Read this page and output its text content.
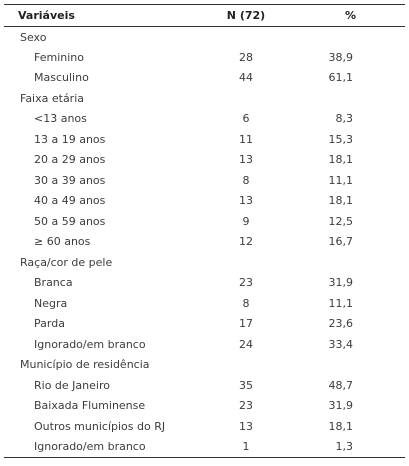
Variáveis	N (72)	%
Sexo		
Feminino	28	38,9
Masculino	44	61,1
Faixa etária		
<13 anos	6	8,3
13 a 19 anos	11	15,3
20 a 29 anos	13	18,1
30 a 39 anos	8	11,1
40 a 49 anos	13	18,1
50 a 59 anos	9	12,5
≥ 60 anos	12	16,7
Raça/cor de pele		
Branca	23	31,9
Negra	8	11,1
Parda	17	23,6
Ignorado/em branco	24	33,4
Município de residência		
Rio de Janeiro	35	48,7
Baixada Fluminense	23	31,9
Outros municípios do RJ	13	18,1
Ignorado/em branco	1	1,3
